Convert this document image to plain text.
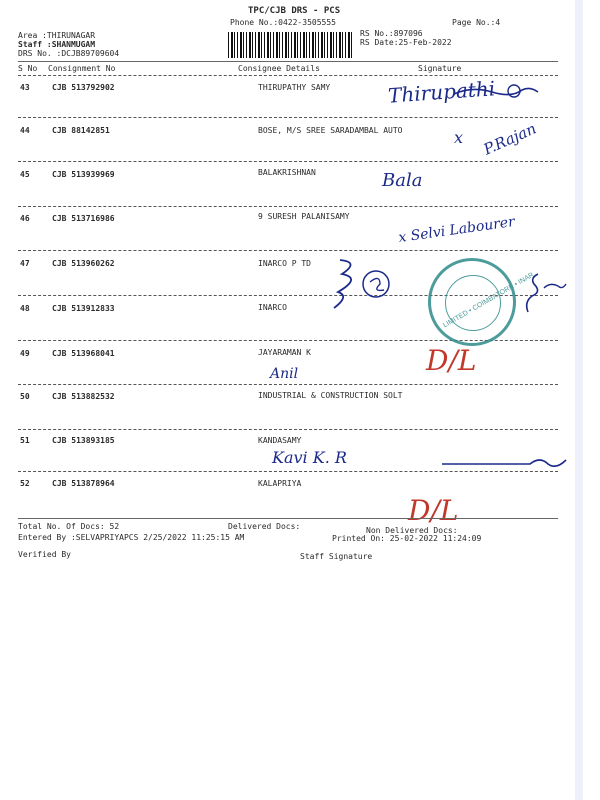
TPC/CJB DRS - PCS
Phone No.:0422-3505555	Page No.:4
Area :THIRUNAGAR
Staff :SHANMUGAM
DRS No. :DCJB89709604
RS No.:897096
RS Date:25-Feb-2022
S No Consignment No	Consignee Details	Signature
43	CJB 513792902	THIRUPATHY SAMY
44	CJB 88142851	BOSE, M/S SREE SARADAMBAL AUTO
45	CJB 513939969	BALAKRISHNAN
46	CJB 513716986	9 SURESH PALANISAMY
47	CJB 513960262	INARCO P TD
48	CJB 513912833	INARCO
49	CJB 513968041	JAYARAMAN K
50	CJB 513882532	INDUSTRIAL & CONSTRUCTION SOLT
51	CJB 513893185	KANDASAMY
52	CJB 513878964	KALAPRIYA
Thirupathi
x P.Rajan
Bala
x Selvi Labourer
Anil
Kavi K. R
D/L
D/L
LIMITED • COIMBATORE • INAR
Total No. Of Docs: 52	Delivered Docs:	Non Delivered Docs:
Entered By :SELVAPRIYAPCS 2/25/2022 11:25:15 AM	Printed On: 25-02-2022 11:24:09
Verified By	Staff Signature
